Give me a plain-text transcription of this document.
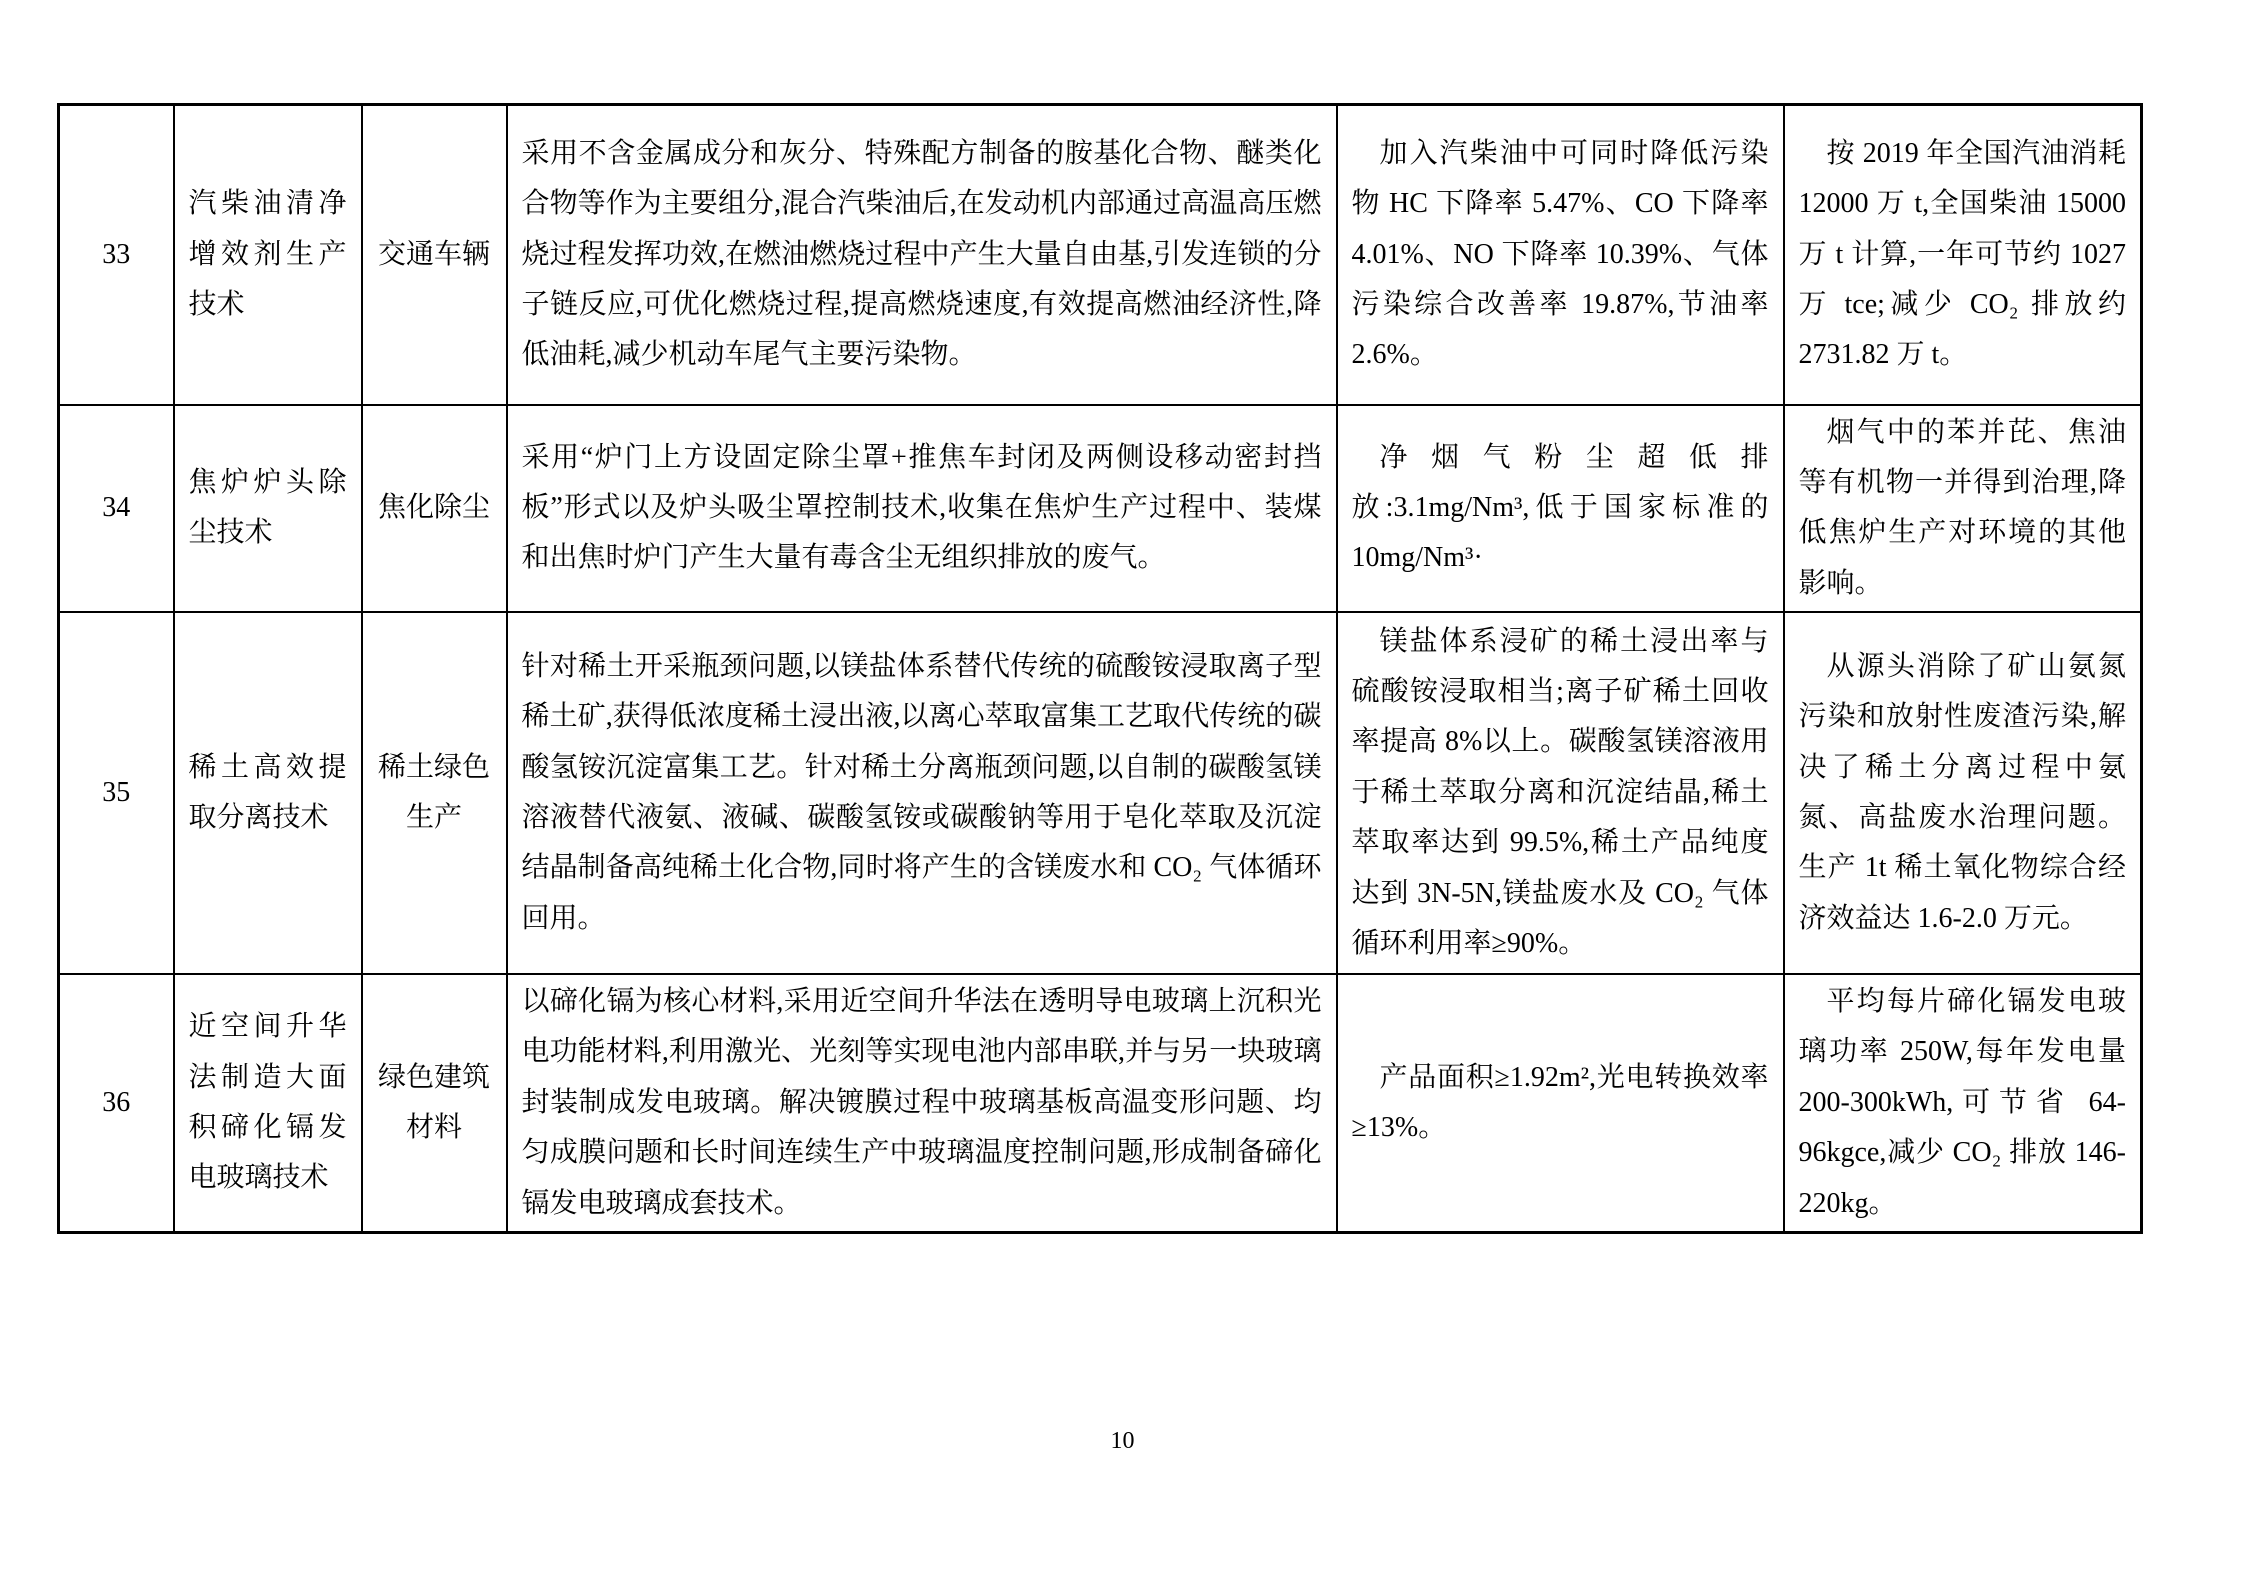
33	汽柴油清净增效剂生产技术	交通车辆	采用不含金属成分和灰分、特殊配方制备的胺基化合物、醚类化合物等作为主要组分,混合汽柴油后,在发动机内部通过高温高压燃烧过程发挥功效,在燃油燃烧过程中产生大量自由基,引发连锁的分子链反应,可优化燃烧过程,提高燃烧速度,有效提高燃油经济性,降低油耗,减少机动车尾气主要污染物。	加入汽柴油中可同时降低污染物 HC 下降率 5.47%、CO 下降率 4.01%、NO 下降率 10.39%、气体污染综合改善率 19.87%,节油率 2.6%。	按 2019 年全国汽油消耗 12000 万 t,全国柴油 15000 万 t 计算,一年可节约 1027 万 tce;减少 CO₂ 排放约 2731.82 万 t。
34	焦炉炉头除尘技术	焦化除尘	采用“炉门上方设固定除尘罩+推焦车封闭及两侧设移动密封挡板”形式以及炉头吸尘罩控制技术,收集在焦炉生产过程中、装煤和出焦时炉门产生大量有毒含尘无组织排放的废气。	净烟气粉尘超低排放:3.1mg/Nm³,低于国家标准的 10mg/Nm³·	烟气中的苯并芘、焦油等有机物一并得到治理,降低焦炉生产对环境的其他影响。
35	稀土高效提取分离技术	稀土绿色生产	针对稀土开采瓶颈问题,以镁盐体系替代传统的硫酸铵浸取离子型稀土矿,获得低浓度稀土浸出液,以离心萃取富集工艺取代传统的碳酸氢铵沉淀富集工艺。针对稀土分离瓶颈问题,以自制的碳酸氢镁溶液替代液氨、液碱、碳酸氢铵或碳酸钠等用于皂化萃取及沉淀结晶制备高纯稀土化合物,同时将产生的含镁废水和 CO₂ 气体循环回用。	镁盐体系浸矿的稀土浸出率与硫酸铵浸取相当;离子矿稀土回收率提高 8%以上。碳酸氢镁溶液用于稀土萃取分离和沉淀结晶,稀土萃取率达到 99.5%,稀土产品纯度达到 3N-5N,镁盐废水及 CO₂ 气体循环利用率≥90%。	从源头消除了矿山氨氮污染和放射性废渣污染,解决了稀土分离过程中氨氮、高盐废水治理问题。生产 1t 稀土氧化物综合经济效益达 1.6-2.0 万元。
36	近空间升华法制造大面积碲化镉发电玻璃技术	绿色建筑材料	以碲化镉为核心材料,采用近空间升华法在透明导电玻璃上沉积光电功能材料,利用激光、光刻等实现电池内部串联,并与另一块玻璃封装制成发电玻璃。解决镀膜过程中玻璃基板高温变形问题、均匀成膜问题和长时间连续生产中玻璃温度控制问题,形成制备碲化镉发电玻璃成套技术。	产品面积≥1.92m²,光电转换效率≥13%。	平均每片碲化镉发电玻璃功率 250W,每年发电量 200-300kWh,可节省 64-96kgce,减少 CO₂ 排放 146-220kg。
10
